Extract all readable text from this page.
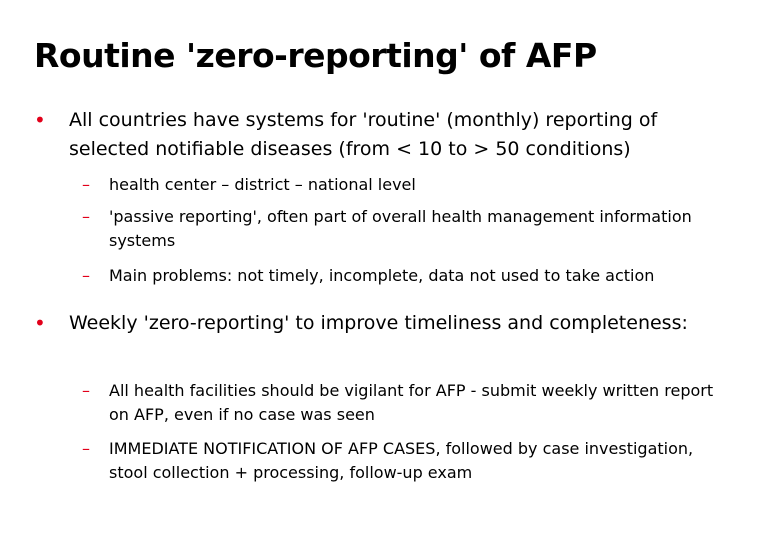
Routine 'zero-reporting' of AFP
• All countries have systems for 'routine' (monthly) reporting of selected notifiable diseases (from < 10 to > 50 conditions)
– health center – district – national level
– 'passive reporting', often part of overall health management information systems
– Main problems: not timely, incomplete, data not used to take action
• Weekly 'zero-reporting' to improve timeliness and completeness:
– All health facilities should be vigilant for AFP - submit weekly written report on AFP, even if no case was seen
– IMMEDIATE NOTIFICATION OF AFP CASES, followed by case investigation, stool collection + processing, follow-up exam
